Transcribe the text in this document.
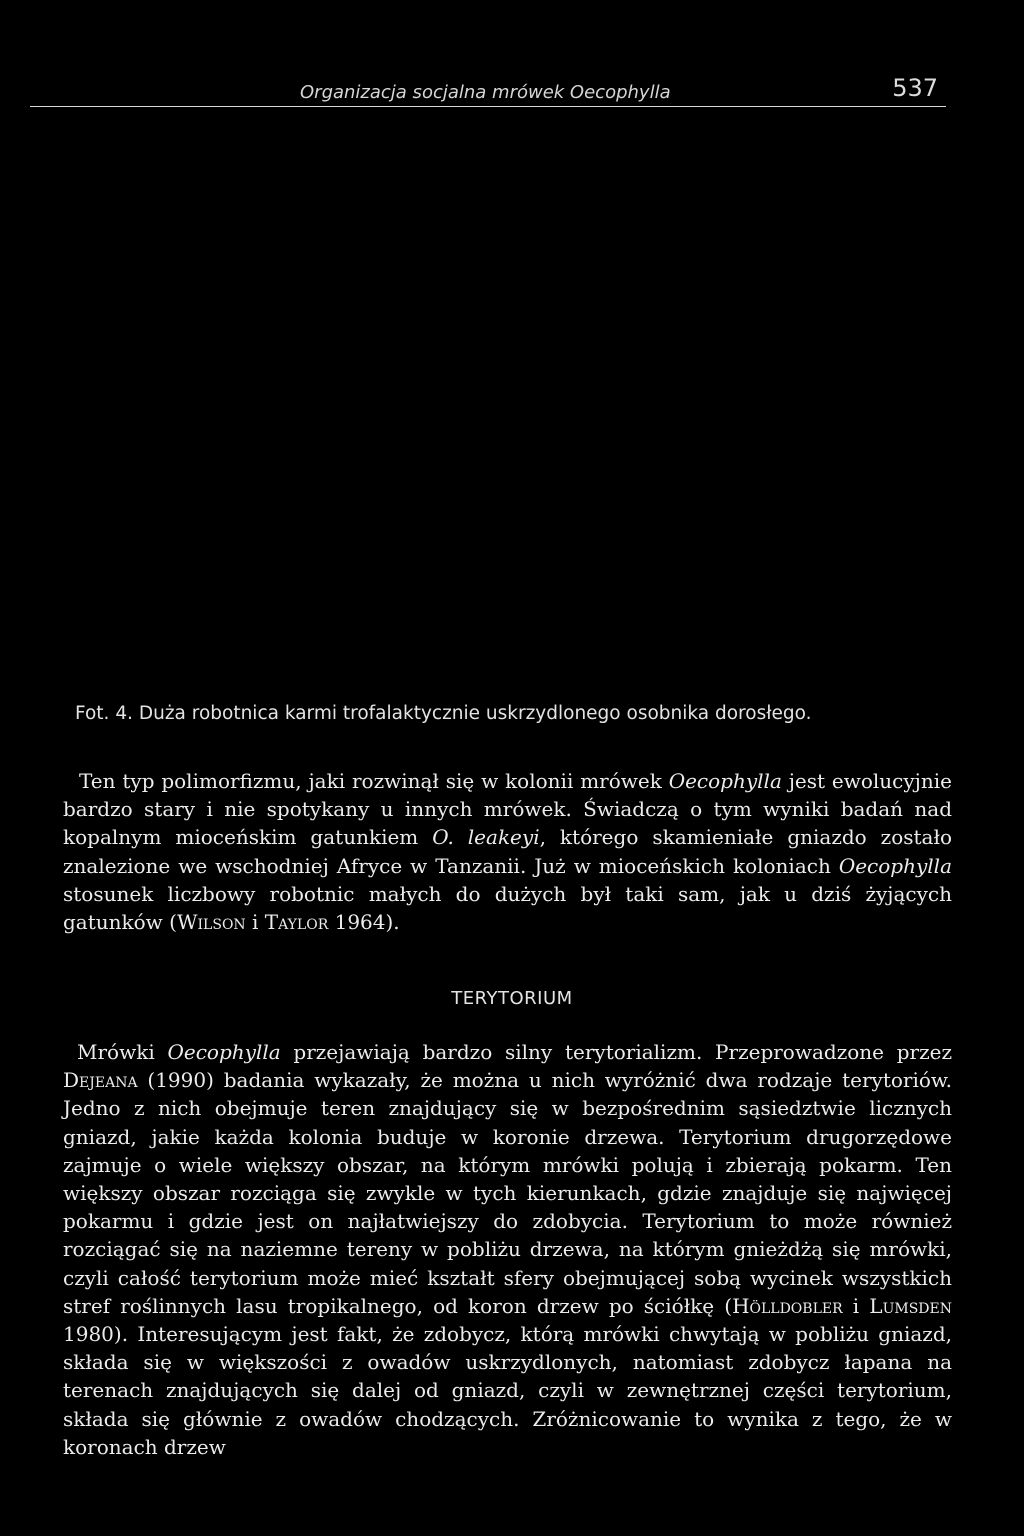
Organizacja socjalna mrówek Oecophylla	537
Fot. 4. Duża robotnica karmi trofalaktycznie uskrzydlonego osobnika dorosłego.

Ten typ polimorfizmu, jaki rozwinął się w kolonii mrówek Oecophylla jest ewolucyjnie bardzo stary i nie spotykany u innych mrówek. Świadczą o tym wyniki badań nad kopalnym mioceńskim gatunkiem O. leakeyi, którego skamieniałe gniazdo zostało znalezione we wschodniej Afryce w Tanzanii. Już w mioceńskich koloniach Oecophylla stosunek liczbowy robotnic małych do dużych był taki sam, jak u dziś żyjących gatunków (Wilson i Taylor 1964).

TERYTORIUM

Mrówki Oecophylla przejawiają bardzo silny terytorializm. Przeprowadzone przez Dejeana (1990) badania wykazały, że można u nich wyróżnić dwa rodzaje terytoriów. Jedno z nich obejmuje teren znajdujący się w bezpośrednim sąsiedztwie licznych gniazd, jakie każda kolonia buduje w koronie drzewa. Terytorium drugorzędowe zajmuje o wiele większy obszar, na którym mrówki polują i zbierają pokarm. Ten większy obszar rozciąga się zwykle w tych kierunkach, gdzie znajduje się najwięcej pokarmu i gdzie jest on najłatwiejszy do zdobycia. Terytorium to może również rozciągać się na naziemne tereny w pobliżu drzewa, na którym gnieżdżą się mrówki, czyli całość terytorium może mieć kształt sfery obejmującej sobą wycinek wszystkich stref roślinnych lasu tropikalnego, od koron drzew po ściółkę (Hölldobler i Lumsden 1980). Interesującym jest fakt, że zdobycz, którą mrówki chwytają w pobliżu gniazd, składa się w większości z owadów uskrzydlonych, natomiast zdobycz łapana na terenach znajdujących się dalej od gniazd, czyli w zewnętrznej części terytorium, składa się głównie z owadów chodzących. Zróżnicowanie to wynika z tego, że w koronach drzew
